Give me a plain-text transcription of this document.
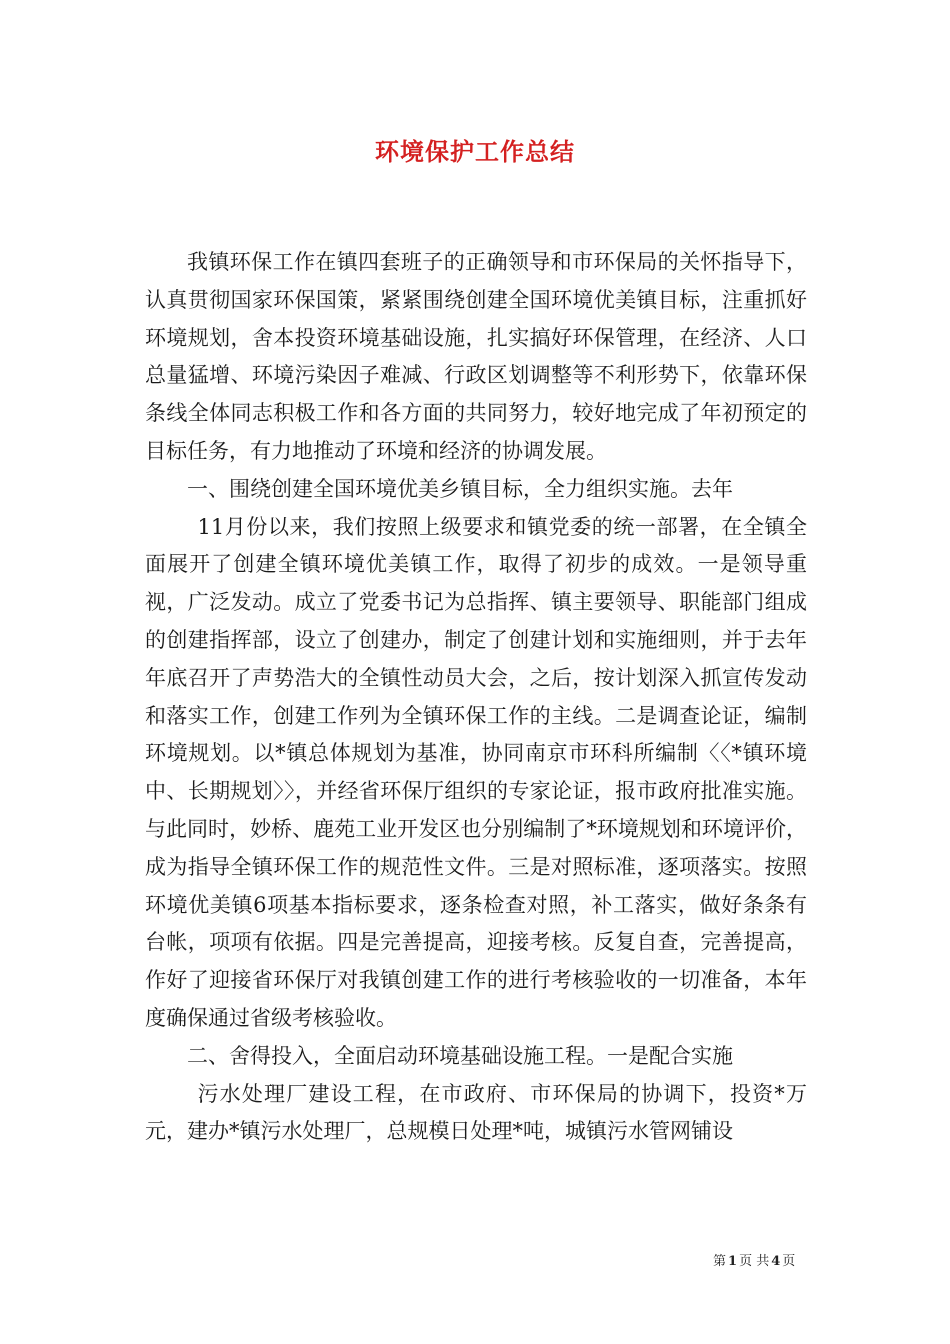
环境保护工作总结

我镇环保工作在镇四套班子的正确领导和市环保局的关怀指导下，认真贯彻国家环保国策，紧紧围绕创建全国环境优美镇目标，注重抓好环境规划，舍本投资环境基础设施，扎实搞好环保管理，在经济、人口总量猛增、环境污染因子难减、行政区划调整等不利形势下，依靠环保条线全体同志积极工作和各方面的共同努力，较好地完成了年初预定的目标任务，有力地推动了环境和经济的协调发展。

一、围绕创建全国环境优美乡镇目标，全力组织实施。去年

11月份以来，我们按照上级要求和镇党委的统一部署，在全镇全面展开了创建全镇环境优美镇工作，取得了初步的成效。一是领导重视，广泛发动。成立了党委书记为总指挥、镇主要领导、职能部门组成的创建指挥部，设立了创建办，制定了创建计划和实施细则，并于去年年底召开了声势浩大的全镇性动员大会，之后，按计划深入抓宣传发动和落实工作，创建工作列为全镇环保工作的主线。二是调查论证，编制环境规划。以*镇总体规划为基准，协同南京市环科所编制〈〈*镇环境中、长期规划〉〉，并经省环保厅组织的专家论证，报市政府批准实施。与此同时，妙桥、鹿苑工业开发区也分别编制了*环境规划和环境评价，成为指导全镇环保工作的规范性文件。三是对照标准，逐项落实。按照环境优美镇6项基本指标要求，逐条检查对照，补工落实，做好条条有台帐，项项有依据。四是完善提高，迎接考核。反复自查，完善提高，作好了迎接省环保厅对我镇创建工作的进行考核验收的一切准备，本年度确保通过省级考核验收。

二、舍得投入，全面启动环境基础设施工程。一是配合实施

污水处理厂建设工程，在市政府、市环保局的协调下，投资*万元，建办*镇污水处理厂，总规模日处理*吨，城镇污水管网铺设

第 1 页 共 4 页
